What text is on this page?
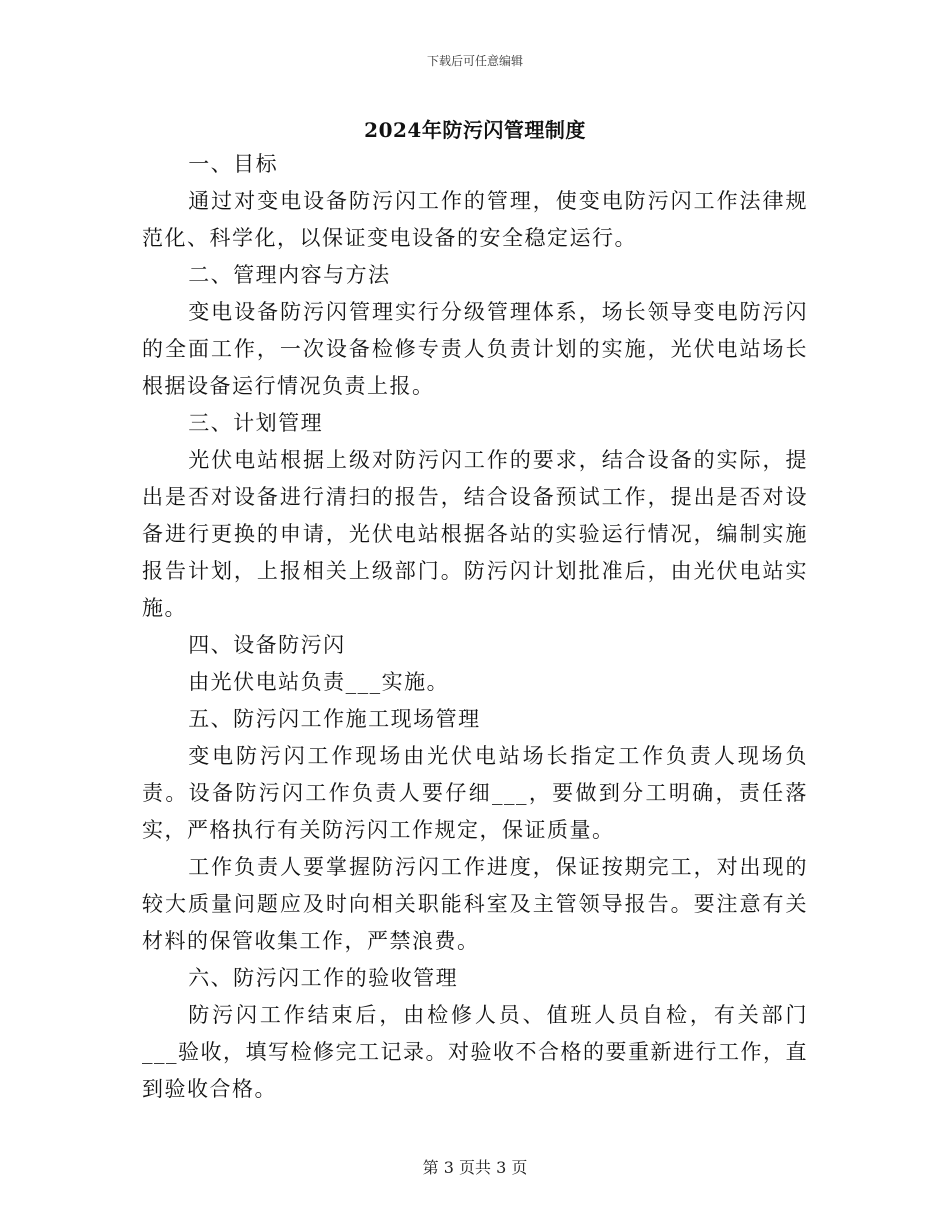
下载后可任意编辑
2024年防污闪管理制度

一、目标

通过对变电设备防污闪工作的管理，使变电防污闪工作法律规范化、科学化，以保证变电设备的安全稳定运行。

二、管理内容与方法

变电设备防污闪管理实行分级管理体系，场长领导变电防污闪的全面工作，一次设备检修专责人负责计划的实施，光伏电站场长根据设备运行情况负责上报。

三、计划管理

光伏电站根据上级对防污闪工作的要求，结合设备的实际，提出是否对设备进行清扫的报告，结合设备预试工作，提出是否对设备进行更换的申请，光伏电站根据各站的实验运行情况，编制实施报告计划，上报相关上级部门。防污闪计划批准后，由光伏电站实施。

四、设备防污闪

由光伏电站负责___实施。

五、防污闪工作施工现场管理

变电防污闪工作现场由光伏电站场长指定工作负责人现场负责。设备防污闪工作负责人要仔细___，要做到分工明确，责任落实，严格执行有关防污闪工作规定，保证质量。

工作负责人要掌握防污闪工作进度，保证按期完工，对出现的较大质量问题应及时向相关职能科室及主管领导报告。要注意有关材料的保管收集工作，严禁浪费。

六、防污闪工作的验收管理

防污闪工作结束后，由检修人员、值班人员自检，有关部门___验收，填写检修完工记录。对验收不合格的要重新进行工作，直到验收合格。

第 3 页共 3 页
